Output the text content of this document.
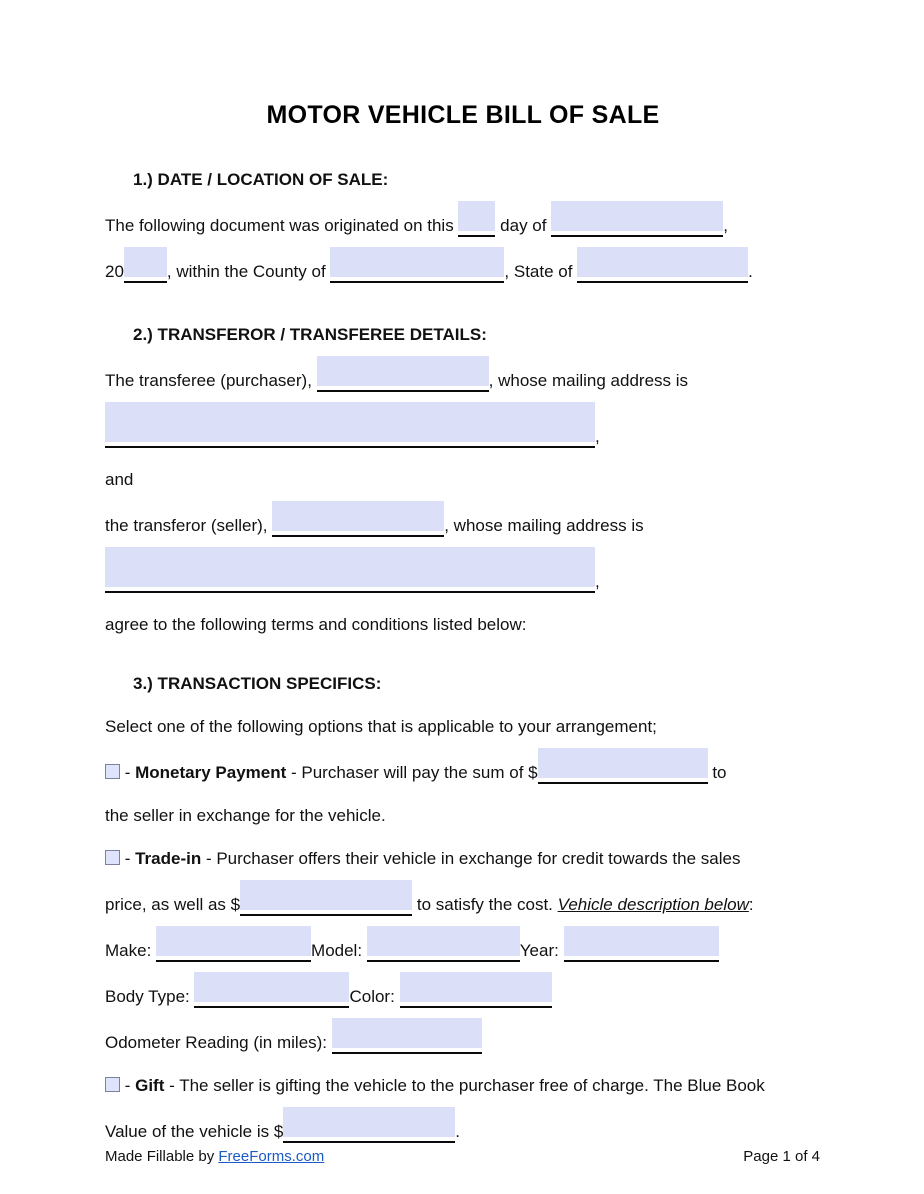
MOTOR VEHICLE BILL OF SALE
1.) DATE / LOCATION OF SALE:
The following document was originated on this  day of	,
20	, within the County of	, State of	.
2.) TRANSFEROR / TRANSFEREE DETAILS:
The transferee (purchaser),	, whose mailing address is
,
and
the transferor (seller),	, whose mailing address is
,
agree to the following terms and conditions listed below:
3.) TRANSACTION SPECIFICS:
Select one of the following options that is applicable to your arrangement;
- Monetary Payment - Purchaser will pay the sum of $	to
the seller in exchange for the vehicle.
- Trade-in - Purchaser offers their vehicle in exchange for credit towards the sales
price, as well as $	to satisfy the cost. Vehicle description below:
Make:	Model:	Year:
Body Type:	Color:
Odometer Reading (in miles):
- Gift - The seller is gifting the vehicle to the purchaser free of charge. The Blue Book
Value of the vehicle is $	.
Made Fillable by FreeForms.com	Page 1 of 4
